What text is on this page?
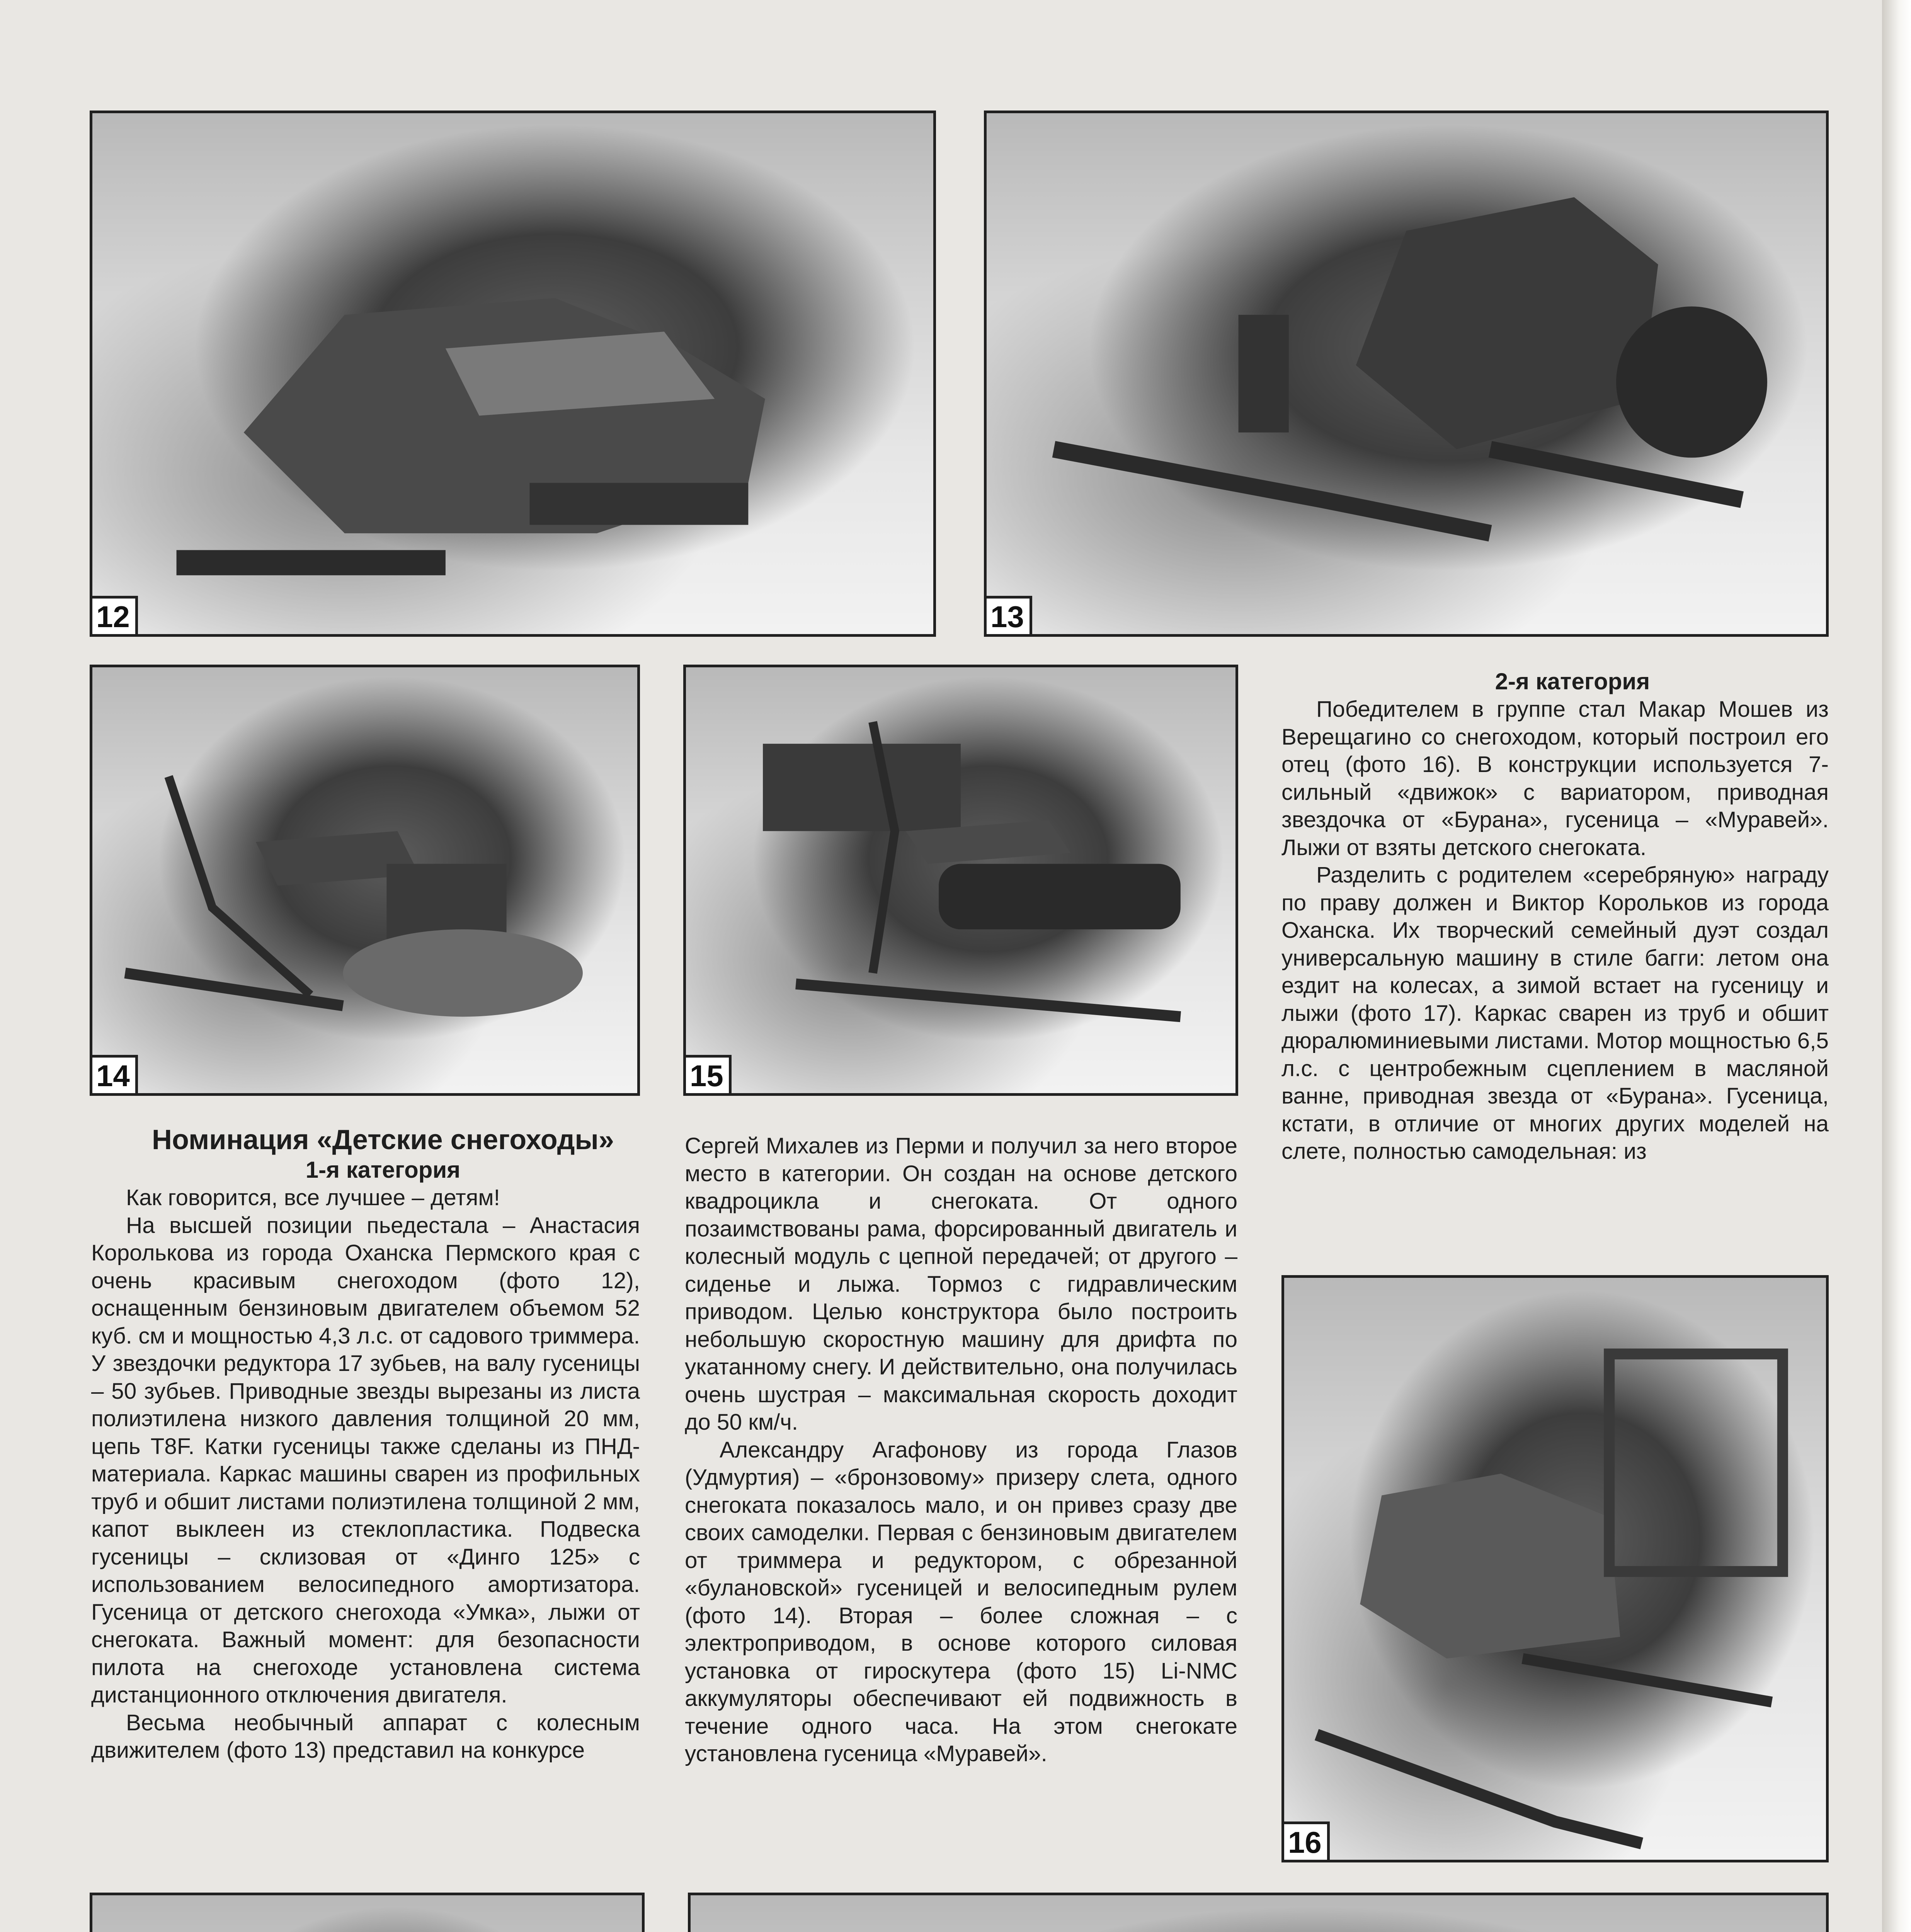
12	13
14	15
16

Номинация «Детские снегоходы»

1-я категория

Как говорится, все лучшее – детям!

На высшей позиции пьедестала – Анастасия Королькова из города Оханска Пермского края с очень красивым снегоходом (фото 12), оснащенным бензиновым двигателем объемом 52 куб. см и мощностью 4,3 л.с. от садового триммера. У звездочки редуктора 17 зубьев, на валу гусеницы – 50 зубьев. Приводные звезды вырезаны из листа полиэтилена низкого давления толщиной 20 мм, цепь T8F. Катки гусеницы также сделаны из ПНД-материала. Каркас машины сварен из профильных труб и обшит листами полиэтилена толщиной 2 мм, капот выклеен из стеклопластика. Подвеска гусеницы – склизовая от «Динго 125» с использованием велосипедного амортизатора. Гусеница от детского снегохода «Умка», лыжи от снегоката. Важный момент: для безопасности пилота на снегоходе установлена система дистанционного отключения двигателя.

Весьма необычный аппарат с колесным движителем (фото 13) представил на конкурсе

Сергей Михалев из Перми и получил за него второе место в категории. Он создан на основе детского квадроцикла и снегоката. От одного позаимствованы рама, форсированный двигатель и колесный модуль с цепной передачей; от другого – сиденье и лыжа. Тормоз с гидравлическим приводом. Целью конструктора было построить небольшую скоростную машину для дрифта по укатанному снегу. И действительно, она получилась очень шустрая – максимальная скорость доходит до 50 км/ч.

Александру Агафонову из города Глазов (Удмуртия) – «бронзовому» призеру слета, одного снегоката показалось мало, и он привез сразу две своих самоделки. Первая с бензиновым двигателем от триммера и редуктором, с обрезанной «булановской» гусеницей и велосипедным рулем (фото 14). Вторая – более сложная – с электроприводом, в основе которого силовая установка от гироскутера (фото 15) Li-NMC аккумуляторы обеспечивают ей подвижность в течение одного часа. На этом снегокате установлена гусеница «Муравей».

2-я категория

Победителем в группе стал Макар Мошев из Верещагино со снегоходом, который построил его отец (фото 16). В конструкции используется 7-сильный «движок» с вариатором, приводная звездочка от «Бурана», гусеница – «Муравей». Лыжи от взяты детского снегоката.

Разделить с родителем «серебряную» награду по праву должен и Виктор Корольков из города Оханска. Их творческий семейный дуэт создал универсальную машину в стиле багги: летом она ездит на колесах, а зимой встает на гусеницу и лыжи (фото 17). Каркас сварен из труб и обшит дюралюминиевыми листами. Мотор мощностью 6,5 л.с. с центробежным сцеплением в масляной ванне, приводная звезда от «Бурана». Гусеница, кстати, в отличие от многих других моделей на слете, полностью самодельная: из
